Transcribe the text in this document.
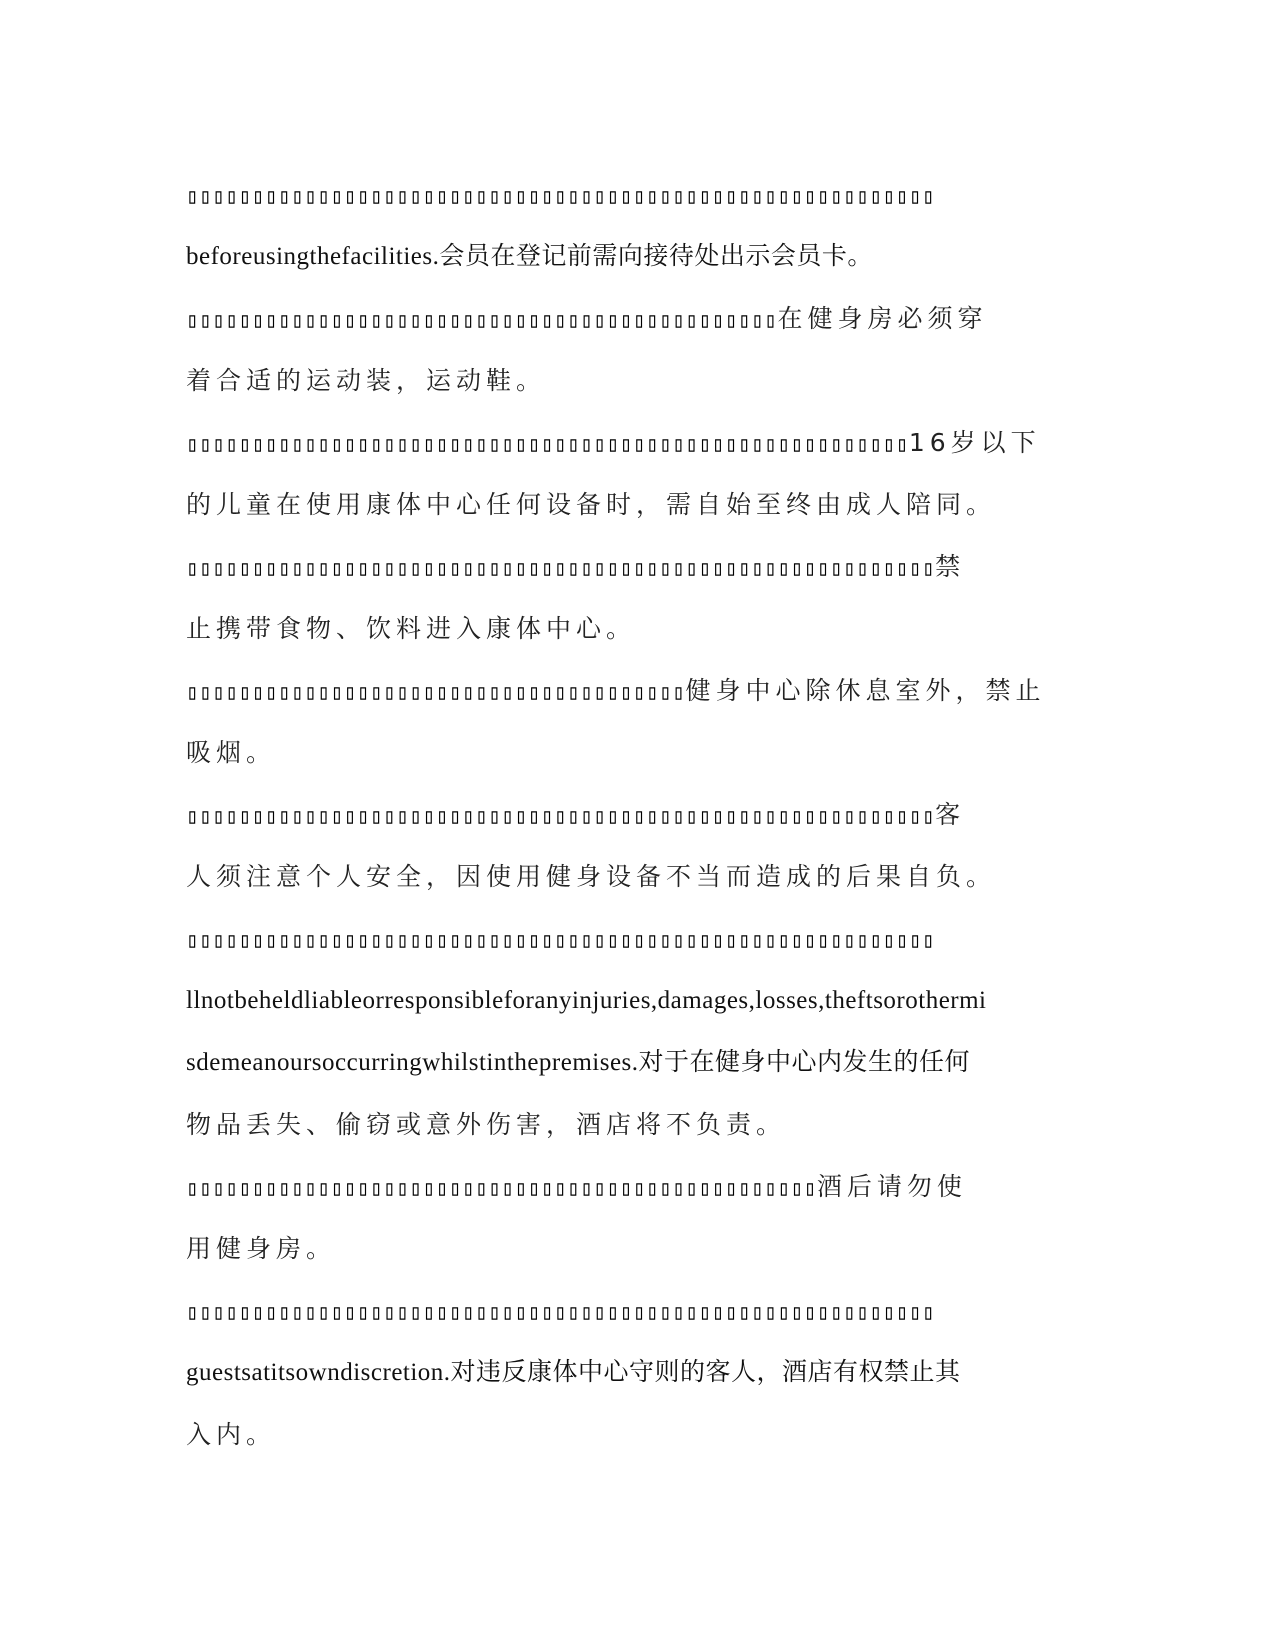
▯▯▯▯▯▯▯▯▯▯▯▯▯▯▯▯▯▯▯▯▯▯▯▯▯▯▯▯▯▯▯▯▯▯▯▯▯▯▯▯▯▯▯▯▯▯▯▯▯▯▯▯▯▯▯▯▯
beforeusingthefacilities.会员在登记前需向接待处出示会员卡。
▯▯▯▯▯▯▯▯▯▯▯▯▯▯▯▯▯▯▯▯▯▯▯▯▯▯▯▯▯▯▯▯▯▯▯▯▯▯▯▯▯▯▯▯▯在健身房必须穿
着合适的运动装，运动鞋。
▯▯▯▯▯▯▯▯▯▯▯▯▯▯▯▯▯▯▯▯▯▯▯▯▯▯▯▯▯▯▯▯▯▯▯▯▯▯▯▯▯▯▯▯▯▯▯▯▯▯▯▯▯▯▯16岁以下
的儿童在使用康体中心任何设备时，需自始至终由成人陪同。
▯▯▯▯▯▯▯▯▯▯▯▯▯▯▯▯▯▯▯▯▯▯▯▯▯▯▯▯▯▯▯▯▯▯▯▯▯▯▯▯▯▯▯▯▯▯▯▯▯▯▯▯▯▯▯▯▯禁
止携带食物、饮料进入康体中心。
▯▯▯▯▯▯▯▯▯▯▯▯▯▯▯▯▯▯▯▯▯▯▯▯▯▯▯▯▯▯▯▯▯▯▯▯▯▯健身中心除休息室外，禁止
吸烟。
▯▯▯▯▯▯▯▯▯▯▯▯▯▯▯▯▯▯▯▯▯▯▯▯▯▯▯▯▯▯▯▯▯▯▯▯▯▯▯▯▯▯▯▯▯▯▯▯▯▯▯▯▯▯▯▯▯客
人须注意个人安全，因使用健身设备不当而造成的后果自负。
▯▯▯▯▯▯▯▯▯▯▯▯▯▯▯▯▯▯▯▯▯▯▯▯▯▯▯▯▯▯▯▯▯▯▯▯▯▯▯▯▯▯▯▯▯▯▯▯▯▯▯▯▯▯▯▯▯
llnotbeheldliableorresponsibleforanyinjuries,damages,losses,theftsorothermi
sdemeanoursoccurringwhilstinthepremises.对于在健身中心内发生的任何
物品丢失、偷窃或意外伤害，酒店将不负责。
▯▯▯▯▯▯▯▯▯▯▯▯▯▯▯▯▯▯▯▯▯▯▯▯▯▯▯▯▯▯▯▯▯▯▯▯▯▯▯▯▯▯▯▯▯▯▯▯酒后请勿使
用健身房。
▯▯▯▯▯▯▯▯▯▯▯▯▯▯▯▯▯▯▯▯▯▯▯▯▯▯▯▯▯▯▯▯▯▯▯▯▯▯▯▯▯▯▯▯▯▯▯▯▯▯▯▯▯▯▯▯▯
guestsatitsowndiscretion.对违反康体中心守则的客人，酒店有权禁止其
入内。
